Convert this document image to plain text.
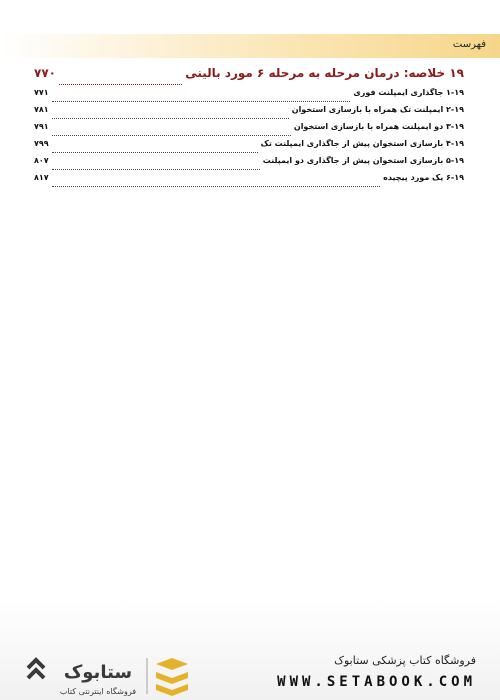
فهرست
۱۹ خلاصه: درمان مرحله به مرحله ۶ مورد بالینی
۷۷۰
۱-۱۹ جاگذاری ایمپلنت فوری
۷۷۱
۲-۱۹ ایمپلنت تک همراه با بازسازی استخوان
۷۸۱
۳-۱۹ دو ایمپلنت همراه با بازسازی استخوان
۷۹۱
۴-۱۹ بازسازی استخوان پیش از جاگذاری ایمپلنت تک
۷۹۹
۵-۱۹ بازسازی استخوان پیش از جاگذاری دو ایمپلنت
۸۰۷
۶-۱۹ یک مورد پیچیده
۸۱۷
ستابوک
فروشگاه اینترنتی کتاب
فروشگاه کتاب پزشکی ستابوک
WWW.SETABOOK.COM
